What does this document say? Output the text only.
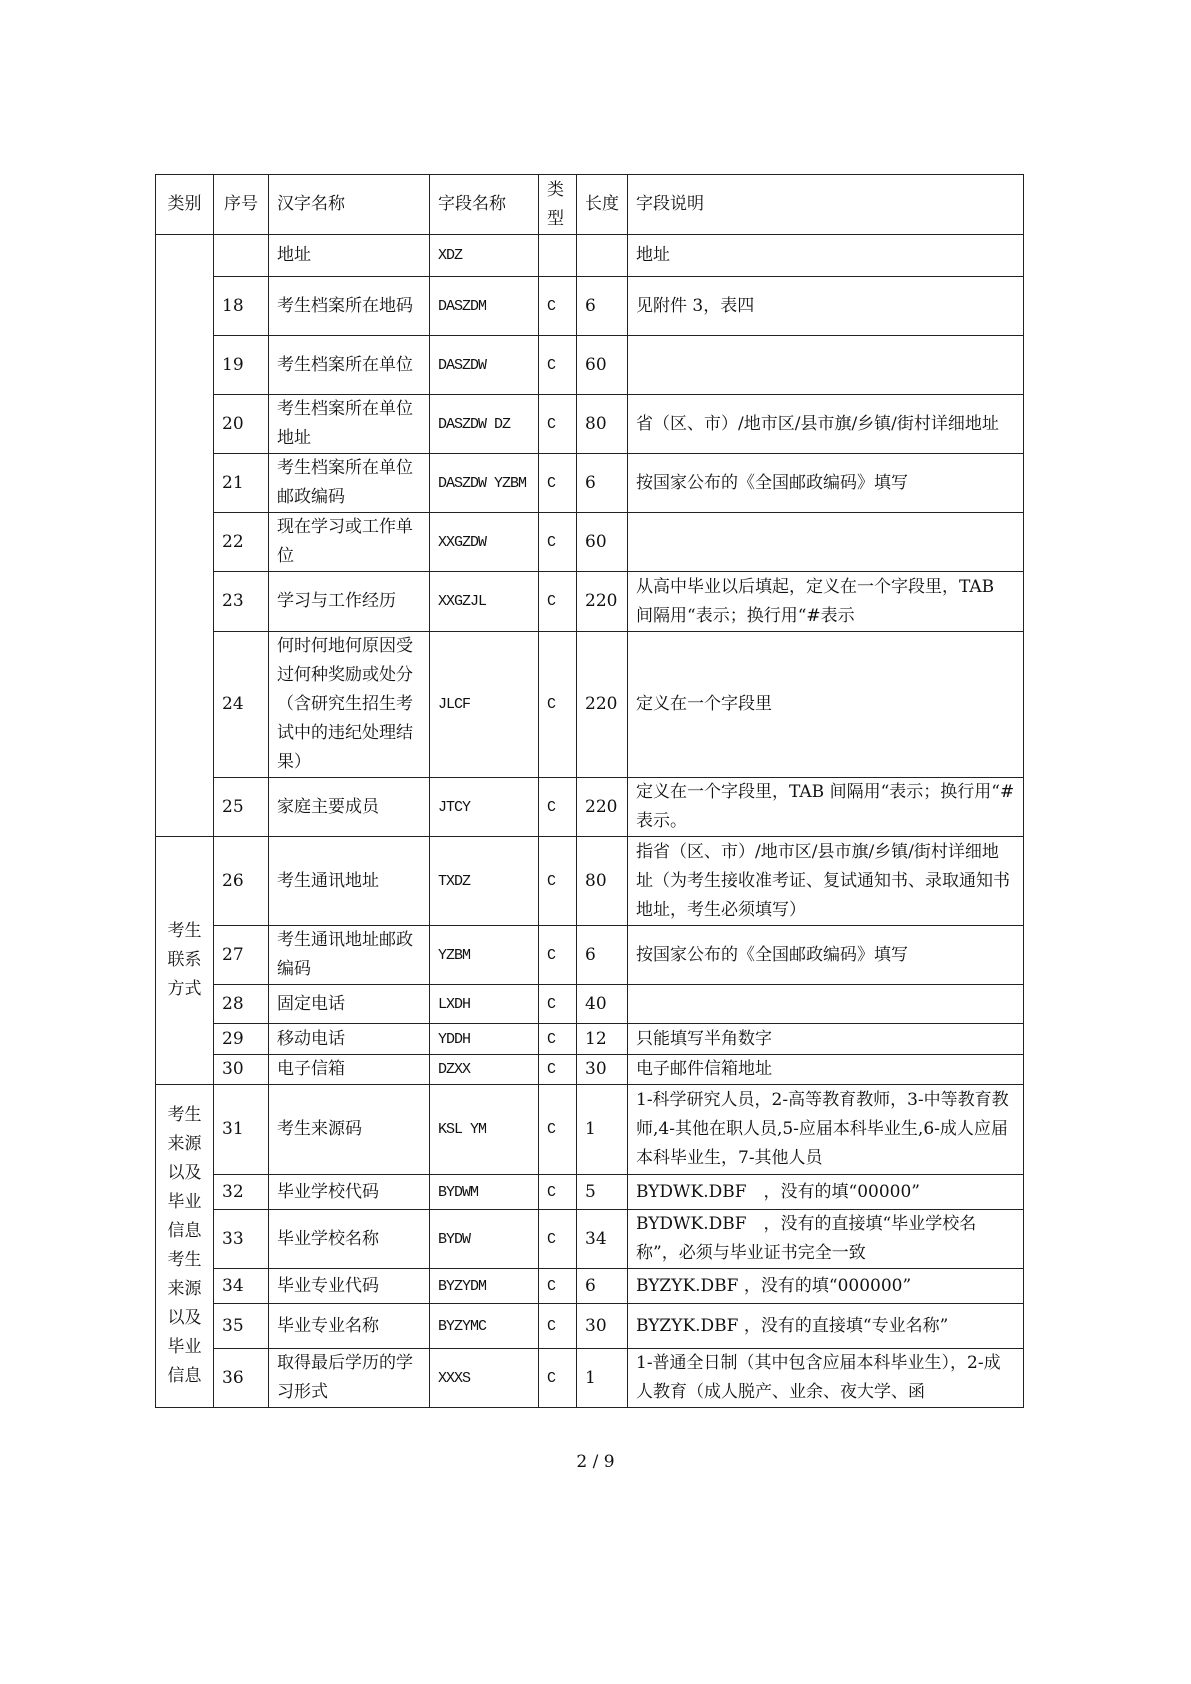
类别	序号	汉字名称	字段名称	类型	长度	字段说明
		地址	XDZ			地址
	18	考生档案所在地码	DASZDM	C	6	见附件 3，表四
	19	考生档案所在单位	DASZDW	C	60	
	20	考生档案所在单位地址	DASZDW DZ	C	80	省（区、市）/地市区/县市旗/乡镇/街村详细地址
	21	考生档案所在单位邮政编码	DASZDW YZBM	C	6	按国家公布的《全国邮政编码》填写
	22	现在学习或工作单位	XXGZDW	C	60	
	23	学习与工作经历	XXGZJL	C	220	从高中毕业以后填起，定义在一个字段里，TAB 间隔用“表示；换行用“#表示
	24	何时何地何原因受过何种奖励或处分（含研究生招生考试中的违纪处理结果）	JLCF	C	220	定义在一个字段里
	25	家庭主要成员	JTCY	C	220	定义在一个字段里，TAB 间隔用“表示；换行用“#表示。
考生联系方式	26	考生通讯地址	TXDZ	C	80	指省（区、市）/地市区/县市旗/乡镇/街村详细地址（为考生接收准考证、复试通知书、录取通知书地址，考生必须填写）
	27	考生通讯地址邮政编码	YZBM	C	6	按国家公布的《全国邮政编码》填写
	28	固定电话	LXDH	C	40	
	29	移动电话	YDDH	C	12	只能填写半角数字
	30	电子信箱	DZXX	C	30	电子邮件信箱地址
考生来源以及毕业信息考生来源以及毕业信息	31	考生来源码	KSL YM	C	1	1-科学研究人员，2-高等教育教师，3-中等教育教师,4-其他在职人员,5-应届本科毕业生,6-成人应届本科毕业生，7-其他人员
	32	毕业学校代码	BYDWM	C	5	BYDWK.DBF　，没有的填“00000”
	33	毕业学校名称	BYDW	C	34	BYDWK.DBF　，没有的直接填“毕业学校名称”，必须与毕业证书完全一致
	34	毕业专业代码	BYZYDM	C	6	BYZYK.DBF ，没有的填“000000”
	35	毕业专业名称	BYZYMC	C	30	BYZYK.DBF ，没有的直接填“专业名称”
	36	取得最后学历的学习形式	XXXS	C	1	1-普通全日制（其中包含应届本科毕业生），2-成人教育（成人脱产、业余、夜大学、函
2 / 9
